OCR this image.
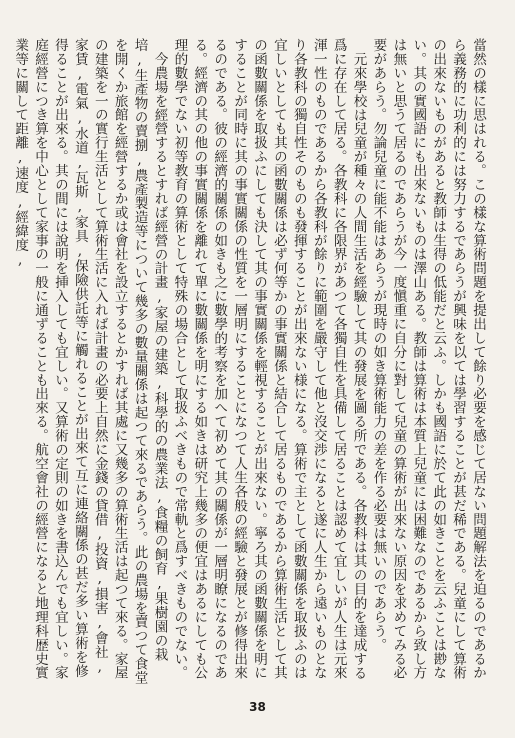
當然の樣に思はれる。この樣な算術問題を提出して餘り必要を感じて居ない問題解法を迫るのであるから義務的に功利的には努力するであらうが興味を以ては學習することが甚だ稀である。兒童にして算術の出來ないものがあると教師は生得の低能だと云ふ。しかも國語に於て此の如きことを云ふことは尠ない。其の實國語にも出來ないものは澤山ある。教師は算術は本質上兒童には困難なのであるから致し方は無いと思うて居るのであらうが今一度愼重に自分に對して兒童の算術が出來ない原因を求めてみる必要があらう。勿論兒童に能不能はあらうが現時の如き算術能力の差を作る必要は無いのであらう。

元來學校は兒童が種々の人間生活を經驗して其の發展を圖る所である。各教科は其の目的を達成する爲に存在して居る。各教科に各限界があつて各獨自性を具備して居ることは認めて宜しいが人生は元來渾一性のものであるから各教科が餘りに範圍を嚴守して他と沒交渉になると遂に人生から遠いものとなり各教科の獨自性そのものも發揮することが出來ない様になる。算術で主として函數關係を取扱ふのは宜しいとしても其の函數關係は必ず何等かの事實關係と結合して居るものであるから算術生活として其の函數關係を取扱ふにしても決して其の事實關係を輕視することが出來ない。寧ろ其の函數關係を明にすることが同時に其の事實關係の性質を一層明にすることになつて人生各般の經驗と發展とが修得出來るのである。彼の經濟的關係の如きも之に數學的考察を加へて初めて其の關係が一層明瞭になるのである。經濟の其の他の事實關係を離れて單に數關係を明にする如きは研究上幾多の便宜はあるにしても公理的數學でない初等教育の算術として特殊の場合として取扱ふべきもので常軌と爲すべきものでない。

今農場を經營するとすれば經營の計畫,家屋の建築,科學的の農業法,食糧の飼育,果樹園の栽培,生產物の賣捌,農產製造等について幾多の數量關係は起つて來るであらう。此の農場を賣つて食堂を開くか旅館を經營するか或は會社を設立するとかすれば其處に又幾多の算術生活は起つて來る。家屋の建築を一の實行生活として算術生活に入れば計畫の必要上自然に金錢の貸借,投資,損害,會社,家賃,電氣,水道,瓦斯,家具,保險供託等に觸れることが出來て互に連絡關係の甚だ多い算術を修得ることが出來る。其の間には說明を挿入しても宜しい。又算術の定則の如きを書込んでも宜しい。家庭經營につき算を中心として家事の一般に通ずることも出來る。航空會社の經營になると地理科歴史實業等に關して距離,速度,經緯度,

38
